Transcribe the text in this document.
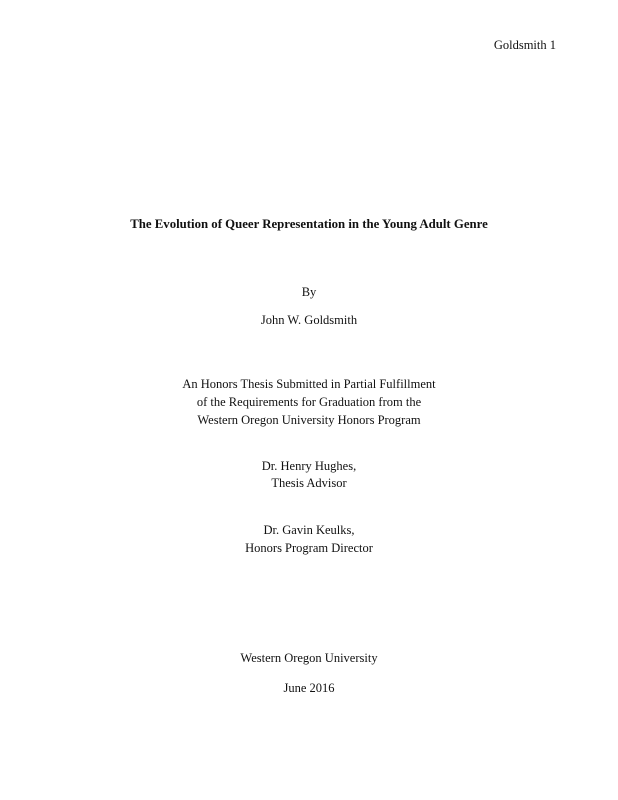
Goldsmith 1
The Evolution of Queer Representation in the Young Adult Genre
By
John W. Goldsmith
An Honors Thesis Submitted in Partial Fulfillment
of the Requirements for Graduation from the
Western Oregon University Honors Program
Dr. Henry Hughes,
Thesis Advisor
Dr. Gavin Keulks,
Honors Program Director
Western Oregon University
June 2016
